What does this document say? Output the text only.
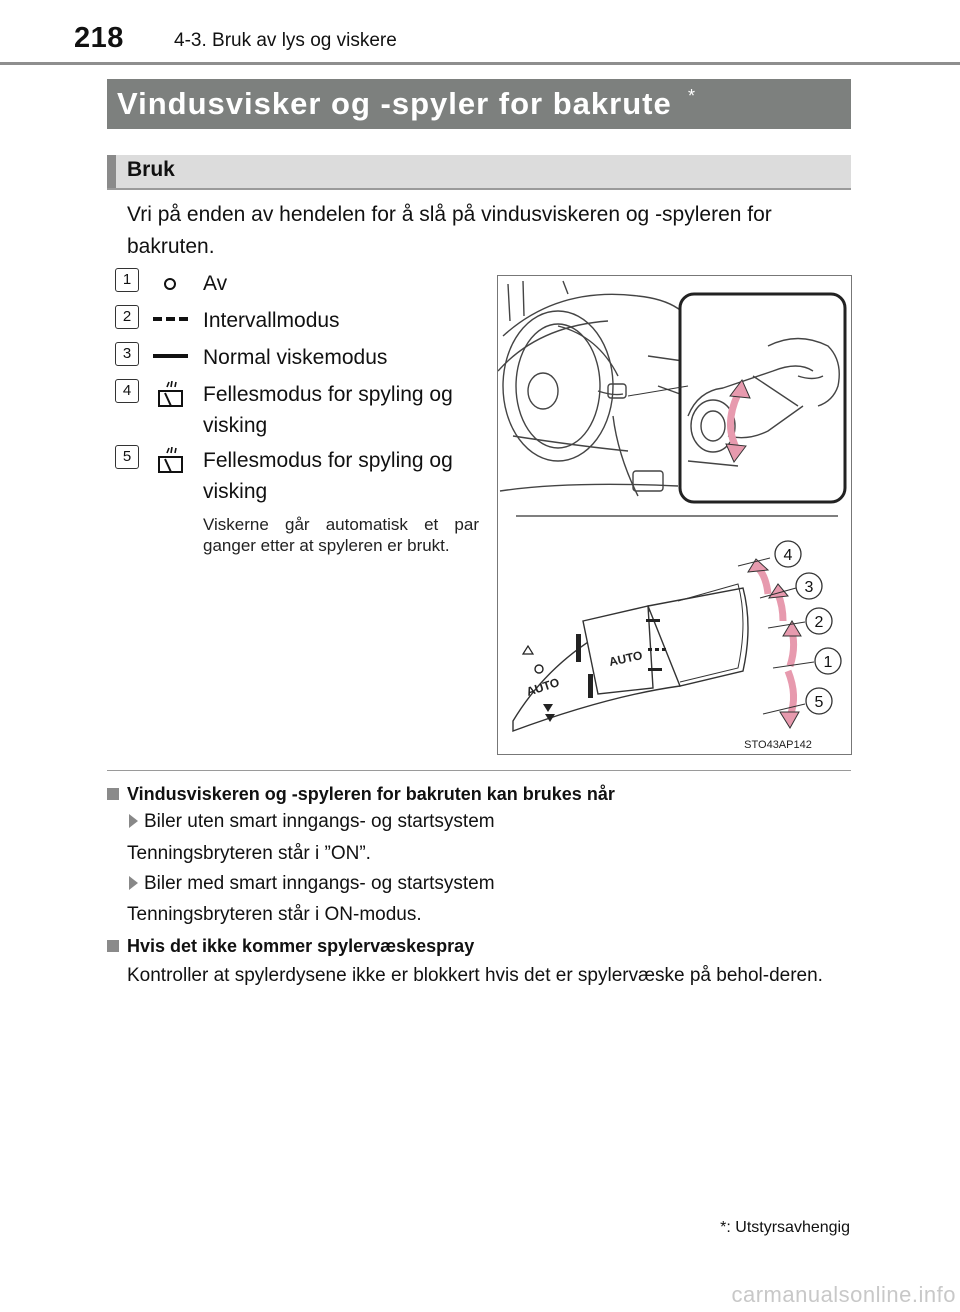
218	4-3. Bruk av lys og viskere
Vindusvisker og -spyler for bakrute *
Bruk
Vri på enden av hendelen for å slå på vindusviskeren og -spyleren for bakruten.
1	Av
2	Intervallmodus
3	Normal viskemodus
4	Fellesmodus for spyling og visking
5	Fellesmodus for spyling og visking
Viskerne går automatisk et par ganger etter at spyleren er brukt.
AUTO
AUTO
4
3
2
1
5
STO43AP142
Vindusviskeren og -spyleren for bakruten kan brukes når
Biler uten smart inngangs- og startsystem
Tenningsbryteren står i ”ON”.
Biler med smart inngangs- og startsystem
Tenningsbryteren står i ON-modus.
Hvis det ikke kommer spylervæskespray
Kontroller at spylerdysene ikke er blokkert hvis det er spylervæske på behol-deren.
*: Utstyrsavhengig
carmanualsonline.info
